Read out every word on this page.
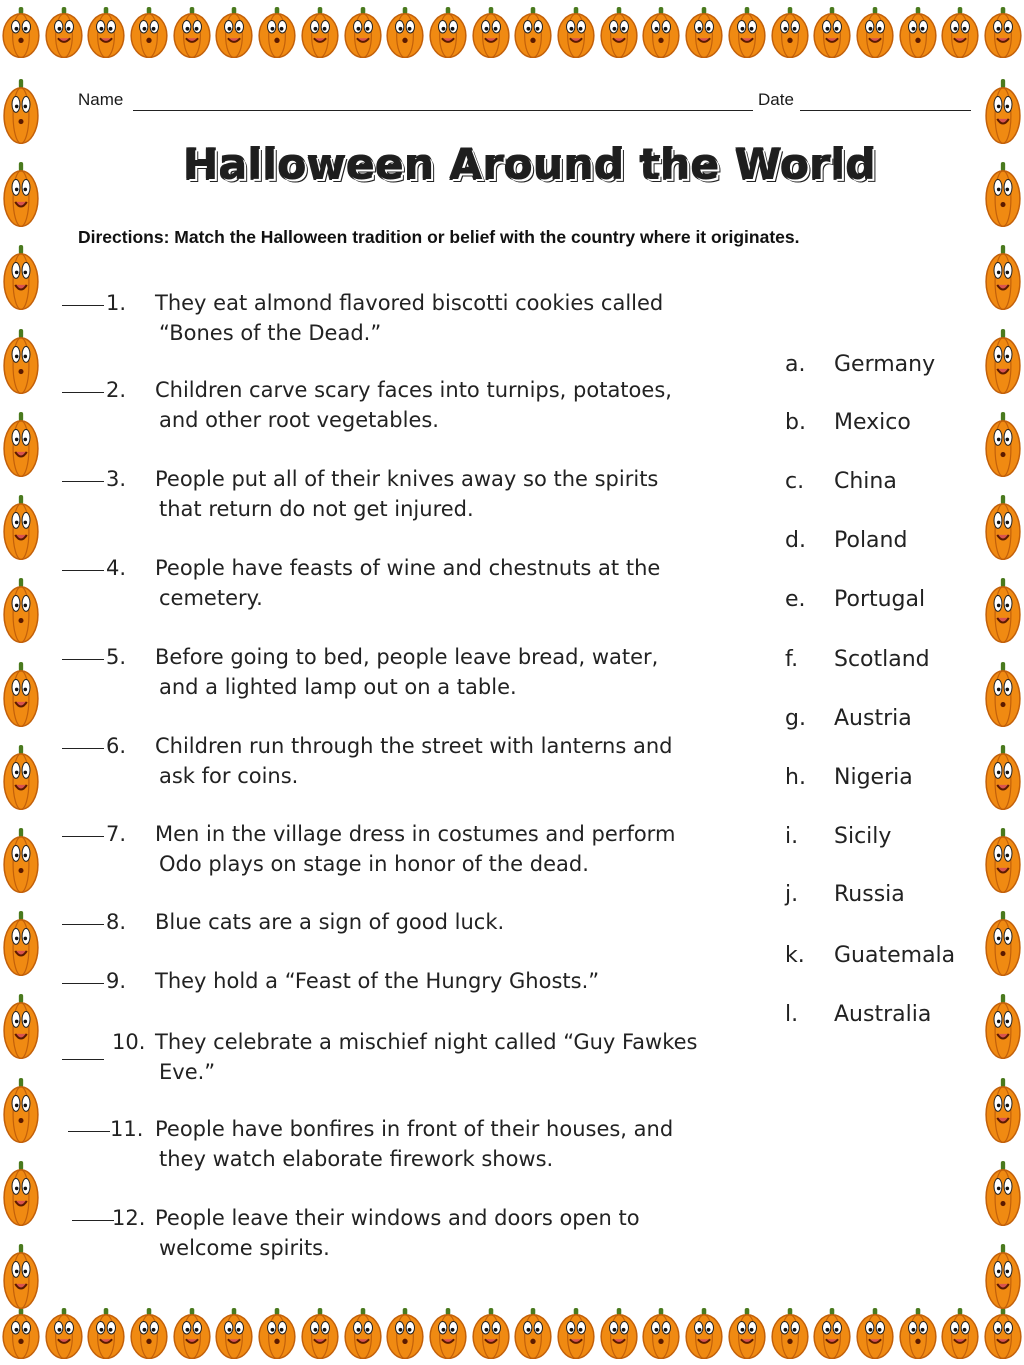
Name	Date
Halloween Around the World
Directions: Match the Halloween tradition or belief with the country where it originates.
1.	They eat almond flavored biscotti cookies called
“Bones of the Dead.”
2.	Children carve scary faces into turnips, potatoes,
and other root vegetables.
3.	People put all of their knives away so the spirits
that return do not get injured.
4.	People have feasts of wine and chestnuts at the
cemetery.
5.	Before going to bed, people leave bread, water,
and a lighted lamp out on a table.
6.	Children run through the street with lanterns and
ask for coins.
7.	Men in the village dress in costumes and perform
Odo plays on stage in honor of the dead.
8.	Blue cats are a sign of good luck.
9.	They hold a “Feast of the Hungry Ghosts.”
10. They celebrate a mischief night called “Guy Fawkes
Eve.”
11. People have bonfires in front of their houses, and
they watch elaborate firework shows.
12. People leave their windows and doors open to
welcome spirits.
a.	Germany
b.	Mexico
c.	China
d.	Poland
e.	Portugal
f.	Scotland
g.	Austria
h.	Nigeria
i.	Sicily
j.	Russia
k.	Guatemala
l.	Australia
